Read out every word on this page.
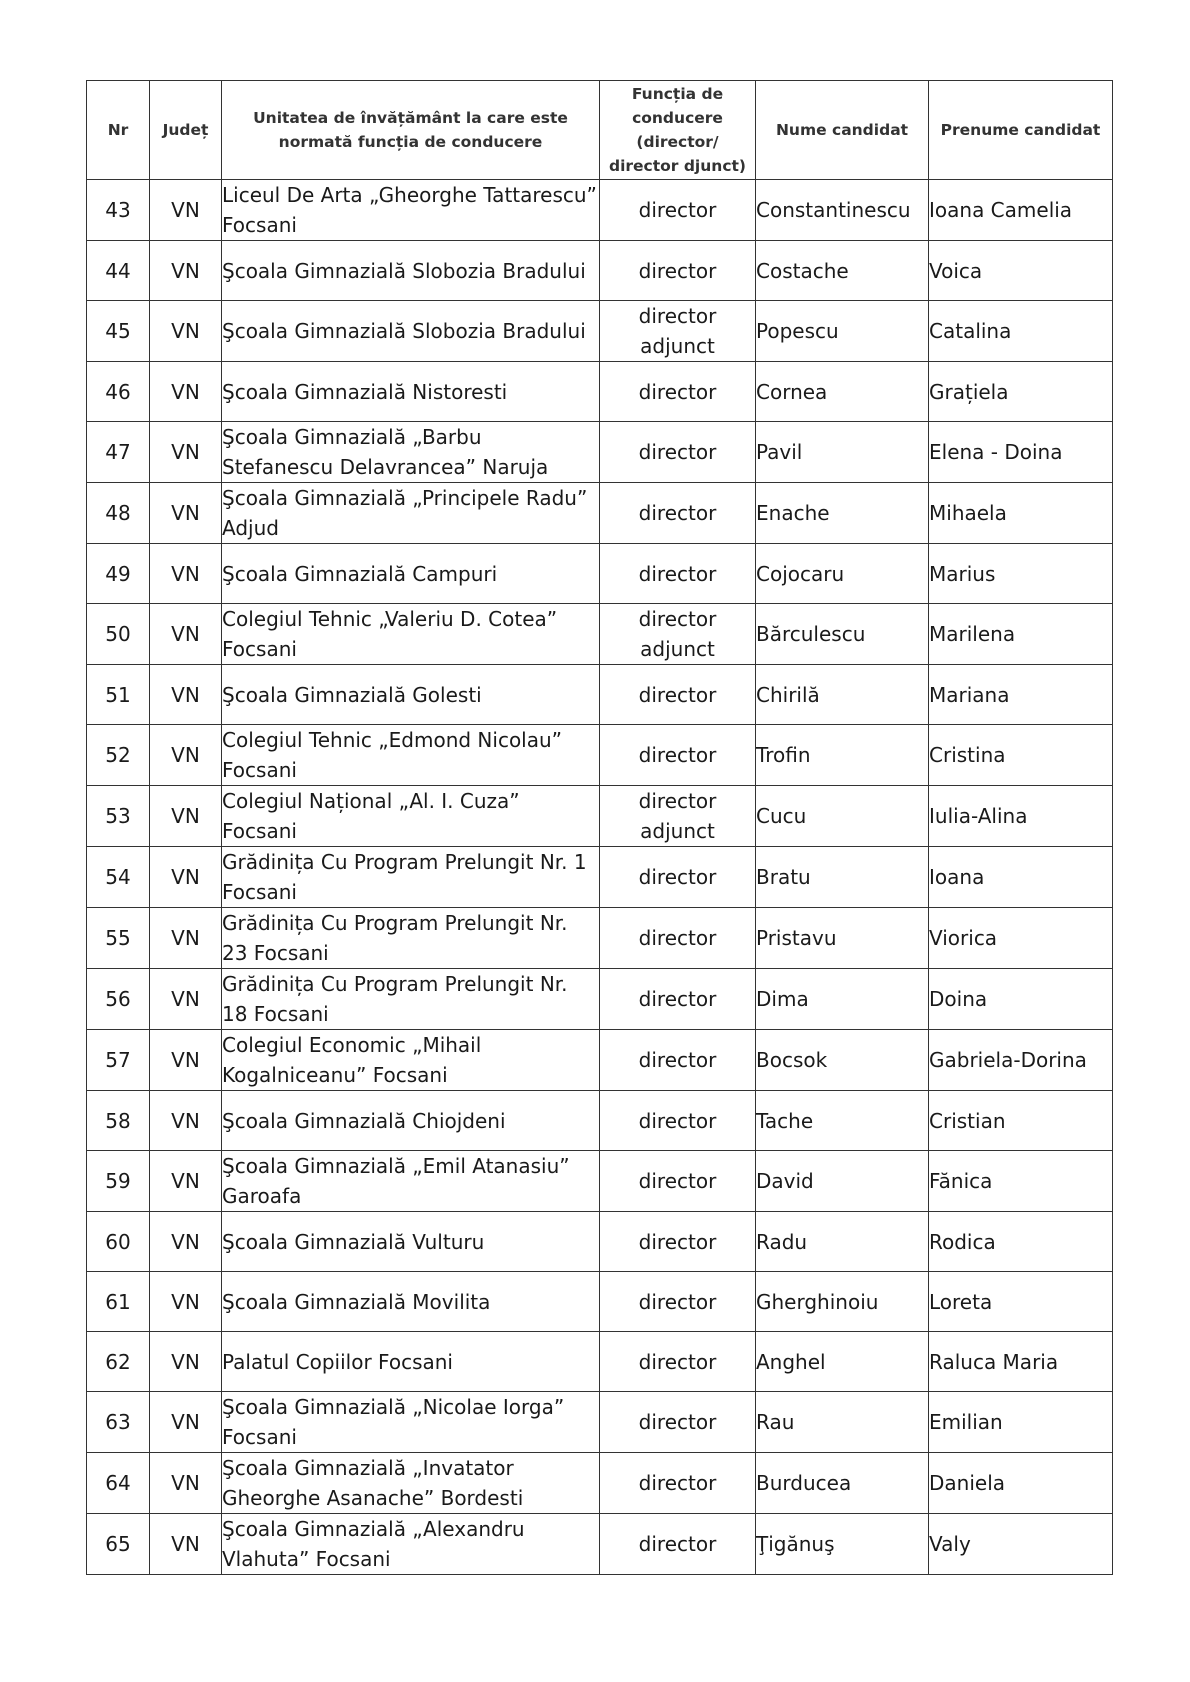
Nr	Județ	Unitatea de învățământ la care este normată funcția de conducere	Funcția de conducere (director/ director djunct)	Nume candidat	Prenume candidat
43	VN	Liceul De Arta „Gheorghe Tattarescu” Focsani	director	Constantinescu	Ioana Camelia
44	VN	Şcoala Gimnazială Slobozia Bradului	director	Costache	Voica
45	VN	Şcoala Gimnazială Slobozia Bradului	director adjunct	Popescu	Catalina
46	VN	Şcoala Gimnazială Nistoresti	director	Cornea	Grațiela
47	VN	Şcoala Gimnazială „Barbu Stefanescu Delavrancea” Naruja	director	Pavil	Elena - Doina
48	VN	Şcoala Gimnazială „Principele Radu” Adjud	director	Enache	Mihaela
49	VN	Şcoala Gimnazială Campuri	director	Cojocaru	Marius
50	VN	Colegiul Tehnic „Valeriu D. Cotea” Focsani	director adjunct	Bărculescu	Marilena
51	VN	Şcoala Gimnazială Golesti	director	Chirilă	Mariana
52	VN	Colegiul Tehnic „Edmond Nicolau” Focsani	director	Trofin	Cristina
53	VN	Colegiul Național „Al. I. Cuza” Focsani	director adjunct	Cucu	Iulia-Alina
54	VN	Grădinița Cu Program Prelungit Nr. 1 Focsani	director	Bratu	Ioana
55	VN	Grădinița Cu Program Prelungit Nr. 23 Focsani	director	Pristavu	Viorica
56	VN	Grădinița Cu Program Prelungit Nr. 18 Focsani	director	Dima	Doina
57	VN	Colegiul Economic „Mihail Kogalniceanu” Focsani	director	Bocsok	Gabriela-Dorina
58	VN	Şcoala Gimnazială Chiojdeni	director	Tache	Cristian
59	VN	Şcoala Gimnazială „Emil Atanasiu” Garoafa	director	David	Fănica
60	VN	Şcoala Gimnazială Vulturu	director	Radu	Rodica
61	VN	Şcoala Gimnazială Movilita	director	Gherghinoiu	Loreta
62	VN	Palatul Copiilor Focsani	director	Anghel	Raluca Maria
63	VN	Şcoala Gimnazială „Nicolae Iorga” Focsani	director	Rau	Emilian
64	VN	Şcoala Gimnazială „Invatator Gheorghe Asanache” Bordesti	director	Burducea	Daniela
65	VN	Şcoala Gimnazială „Alexandru Vlahuta” Focsani	director	Ţigănuş	Valy
